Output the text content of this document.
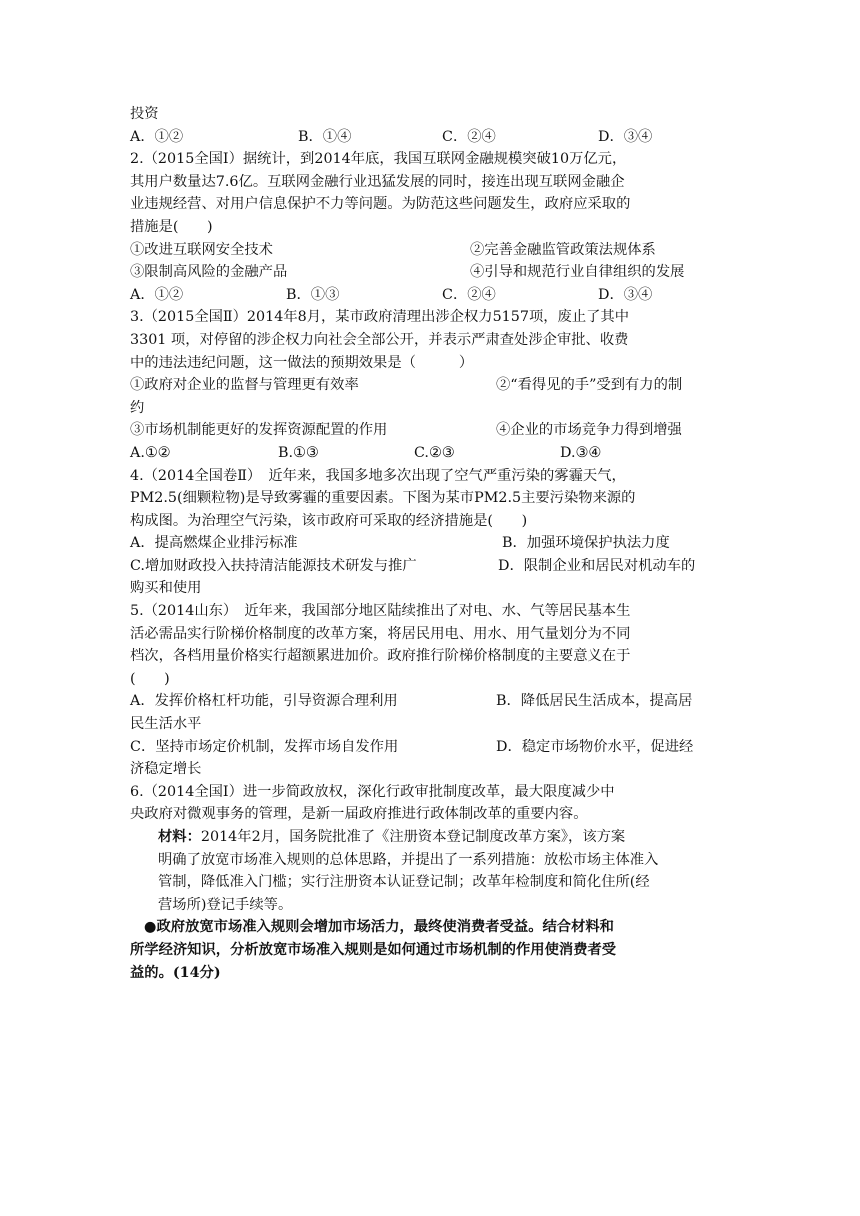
投资
A．①②	B．①④	C．②④	D．③④
2.（2015全国Ⅰ）据统计，到2014年底，我国互联网金融规模突破10万亿元，
其用户数量达7.6亿。互联网金融行业迅猛发展的同时，接连出现互联网金融企
业违规经营、对用户信息保护不力等问题。为防范这些问题发生，政府应采取的
措施是(　　)
①改进互联网安全技术	②完善金融监管政策法规体系
③限制高风险的金融产品	④引导和规范行业自律组织的发展
A．①②	B．①③	C．②④	D．③④
3.（2015全国Ⅱ）2014年8月，某市政府清理出涉企权力5157项，废止了其中
3301 项，对停留的涉企权力向社会全部公开，并表示严肃查处涉企审批、收费
中的违法违纪问题，这一做法的预期效果是（　　　）
①政府对企业的监督与管理更有效率	②“看得见的手”受到有力的制
约
③市场机制能更好的发挥资源配置的作用	④企业的市场竞争力得到增强
A.①②	B.①③	C.②③	D.③④
4.（2014全国卷Ⅱ）　近年来，我国多地多次出现了空气严重污染的雾霾天气，
PM2.5(细颗粒物)是导致雾霾的重要因素。下图为某市PM2.5主要污染物来源的
构成图。为治理空气污染，该市政府可采取的经济措施是(　　)
A．提高燃煤企业排污标准	B．加强环境保护执法力度
C.增加财政投入扶持清洁能源技术研发与推广	D．限制企业和居民对机动车的
购买和使用
5.（2014山东）　近年来，我国部分地区陆续推出了对电、水、气等居民基本生
活必需品实行阶梯价格制度的改革方案，将居民用电、用水、用气量划分为不同
档次，各档用量价格实行超额累进加价。政府推行阶梯价格制度的主要意义在于
(　　)
A．发挥价格杠杆功能，引导资源合理利用	B．降低居民生活成本，提高居
民生活水平
C．坚持市场定价机制，发挥市场自发作用	D．稳定市场物价水平，促进经
济稳定增长
6.（2014全国Ⅰ）进一步简政放权，深化行政审批制度改革，最大限度减少中
央政府对微观事务的管理，是新一届政府推进行政体制改革的重要内容。
材料：2014年2月，国务院批准了《注册资本登记制度改革方案》，该方案
明确了放宽市场准入规则的总体思路，并提出了一系列措施：放松市场主体准入
管制，降低准入门槛；实行注册资本认证登记制；改革年检制度和简化住所(经
营场所)登记手续等。
●政府放宽市场准入规则会增加市场活力，最终使消费者受益。结合材料和
所学经济知识，分析放宽市场准入规则是如何通过市场机制的作用使消费者受
益的。(14分)
